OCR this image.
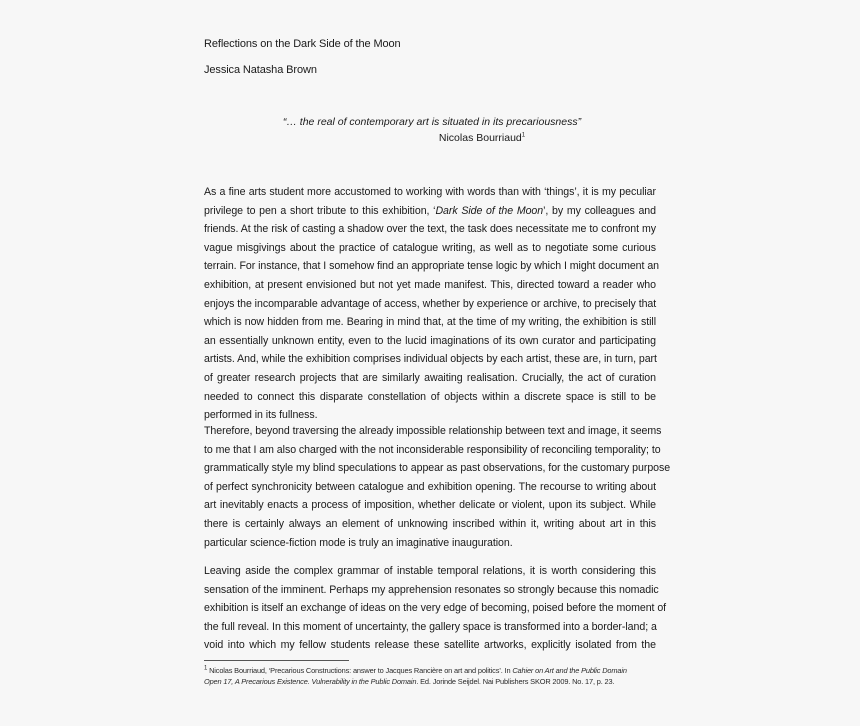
Reflections on the Dark Side of the Moon
Jessica Natasha Brown
“… the real of contemporary art is situated in its precariousness”
Nicolas Bourriaud$^1$
As a fine arts student more accustomed to working with words than with ‘things’, it is my peculiar
privilege to pen a short tribute to this exhibition, ‘Dark Side of the Moon’, by my colleagues and
friends. At the risk of casting a shadow over the text, the task does necessitate me to confront my
vague misgivings about the practice of catalogue writing, as well as to negotiate some curious
terrain. For instance, that I somehow find an appropriate tense logic by which I might document an
exhibition, at present envisioned but not yet made manifest. This, directed toward a reader who
enjoys the incomparable advantage of access, whether by experience or archive, to precisely that
which is now hidden from me. Bearing in mind that, at the time of my writing, the exhibition is still
an essentially unknown entity, even to the lucid imaginations of its own curator and participating
artists. And, while the exhibition comprises individual objects by each artist, these are, in turn, part
of greater research projects that are similarly awaiting realisation. Crucially, the act of curation
needed to connect this disparate constellation of objects within a discrete space is still to be
performed in its fullness.
Therefore, beyond traversing the already impossible relationship between text and image, it seems
to me that I am also charged with the not inconsiderable responsibility of reconciling temporality; to
grammatically style my blind speculations to appear as past observations, for the customary purpose
of perfect synchronicity between catalogue and exhibition opening. The recourse to writing about
art inevitably enacts a process of imposition, whether delicate or violent, upon its subject. While
there is certainly always an element of unknowing inscribed within it, writing about art in this
particular science-fiction mode is truly an imaginative inauguration.
Leaving aside the complex grammar of instable temporal relations, it is worth considering this
sensation of the imminent. Perhaps my apprehension resonates so strongly because this nomadic
exhibition is itself an exchange of ideas on the very edge of becoming, poised before the moment of
the full reveal. In this moment of uncertainty, the gallery space is transformed into a border-land; a
void into which my fellow students release these satellite artworks, explicitly isolated from the
$^1$ Nicolas Bourriaud, ‘Precarious Constructions: answer to Jacques Rancière on art and politics’. In Cahier on Art and the Public Domain
Open 17, A Precarious Existence. Vulnerability in the Public Domain. Ed. Jorinde Seijdel. Nai Publishers SKOR 2009. No. 17, p. 23.
